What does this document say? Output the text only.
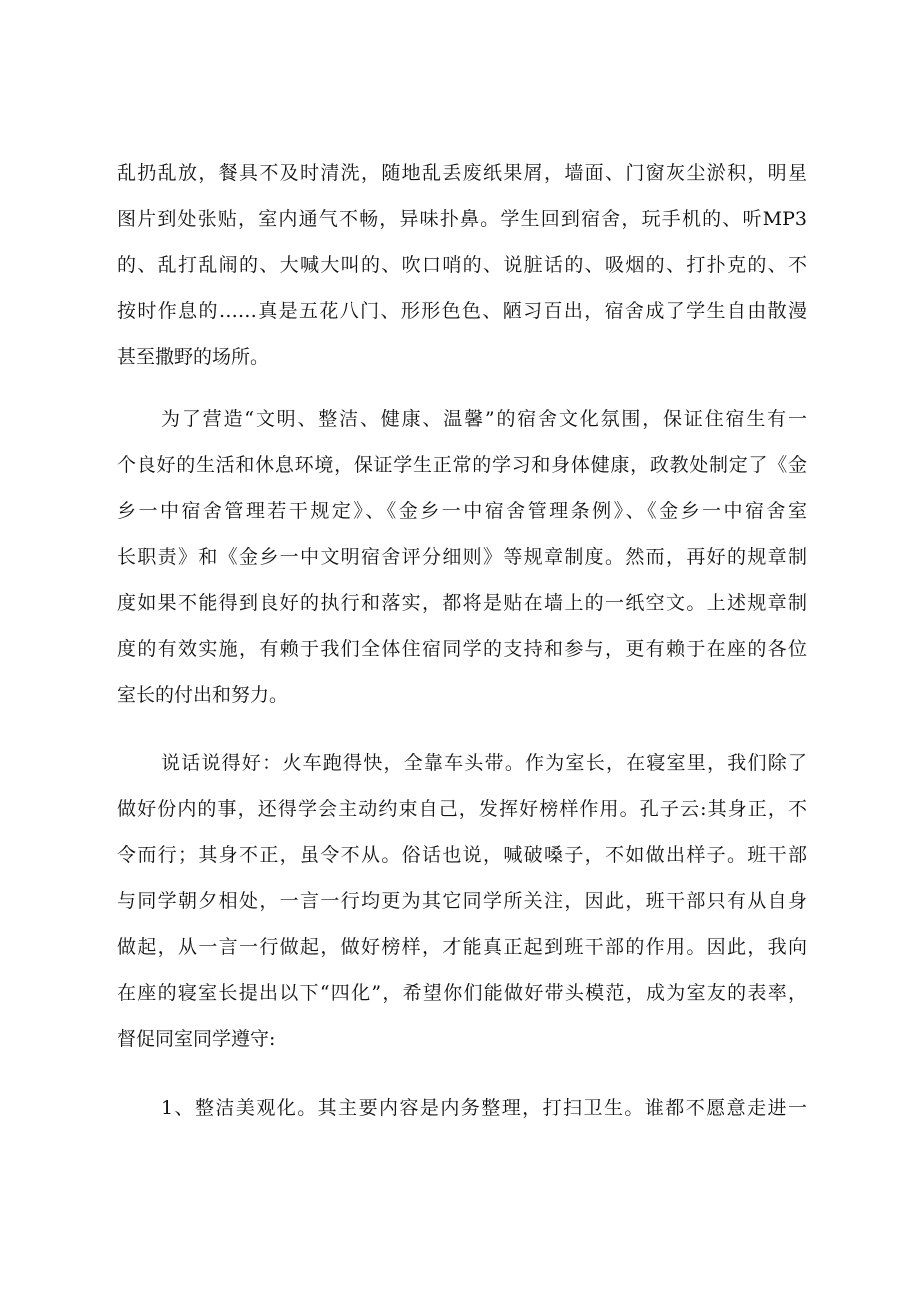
乱扔乱放，餐具不及时清洗，随地乱丢废纸果屑，墙面、门窗灰尘淤积，明星
图片到处张贴，室内通气不畅，异味扑鼻。学生回到宿舍，玩手机的、听MP3
的、乱打乱闹的、大喊大叫的、吹口哨的、说脏话的、吸烟的、打扑克的、不
按时作息的……真是五花八门、形形色色、陋习百出，宿舍成了学生自由散漫
甚至撒野的场所。
为了营造“文明、整洁、健康、温馨”的宿舍文化氛围，保证住宿生有一
个良好的生活和休息环境，保证学生正常的学习和身体健康，政教处制定了《金
乡一中宿舍管理若干规定》、《金乡一中宿舍管理条例》、《金乡一中宿舍室
长职责》和《金乡一中文明宿舍评分细则》等规章制度。然而，再好的规章制
度如果不能得到良好的执行和落实，都将是贴在墙上的一纸空文。上述规章制
度的有效实施，有赖于我们全体住宿同学的支持和参与，更有赖于在座的各位
室长的付出和努力。
说话说得好：火车跑得快，全靠车头带。作为室长，在寝室里，我们除了
做好份内的事，还得学会主动约束自己，发挥好榜样作用。孔子云:其身正，不
令而行；其身不正，虽令不从。俗话也说，喊破嗓子，不如做出样子。班干部
与同学朝夕相处，一言一行均更为其它同学所关注，因此，班干部只有从自身
做起，从一言一行做起，做好榜样，才能真正起到班干部的作用。因此，我向
在座的寝室长提出以下“四化”，希望你们能做好带头模范，成为室友的表率，
督促同室同学遵守:
1、整洁美观化。其主要内容是内务整理，打扫卫生。谁都不愿意走进一
